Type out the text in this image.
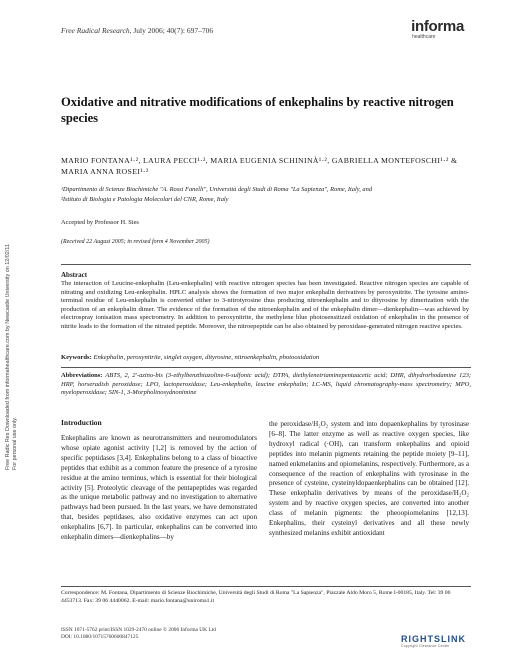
Free Radical Research, July 2006; 40(7): 697–706	informa
healthcare
Free Radic Res Downloaded from informahealthcare.com by Newcastle University on 12/02/11
For personal use only.
Oxidative and nitrative modifications of enkephalins by reactive nitrogen species
MARIO FONTANA¹·², LAURA PECCI¹·², MARIA EUGENIA SCHININÀ¹·², GABRIELLA MONTEFOSCHI¹·² & MARIA ANNA ROSEI¹·²
¹Dipartimento di Scienze Biochimiche "A. Rossi Fanelli", Università degli Studi di Roma "La Sapienza", Rome, Italy, and
²Istituto di Biologia e Patologia Molecolari del CNR, Rome, Italy
Accepted by Professor H. Sies
(Received 22 August 2005; in revised form 4 November 2005)
Abstract
The interaction of Leucine-enkephalin (Leu-enkephalin) with reactive nitrogen species has been investigated. Reactive nitrogen species are capable of nitrating and oxidizing Leu-enkephalin. HPLC analysis shows the formation of two major enkephalin derivatives by peroxynitrite. The tyrosine amino-terminal residue of Leu-enkephalin is converted either to 3-nitrotyrosine thus producing nitroenkephalin and to dityrosine by dimerization with the production of an enkephalin dimer. The evidence of the formation of the nitroenkephalin and of the enkephalin dimer—dienkephalin—was achieved by electrospray ionisation mass spectrometry. In addition to peroxynitrite, the methylene blue photosensitized oxidation of enkephalin in the presence of nitrite leads to the formation of the nitrated peptide. Moreover, the nitroepeptide can be also obtained by peroxidase-generated nitrogen reactive species.
Keywords: Enkephalin, peroxynitrite, singlet oxygen, dityrosine, nitroenkephalin, photooxidation
Abbreviations: ABTS, 2, 2′-azino-bis (3-ethylbenzthiazoline-6-sulfonic acid); DTPA, diethylenetriaminepentaacetic acid; DHR, dihydrorhodamine 123; HRP, horseradish peroxidase; LPO, lactoperoxidase; Leu-enkephalin, leucine enkephalin; LC-MS, liquid chromatography-mass spectrometry; MPO, myeloperoxidase; SIN-1, 3-Morpholinosydnonimine
Introduction
Enkephalins are known as neurotransmitters and neuromodulators whose opiate agonist activity [1,2] is removed by the action of specific peptidases [3,4]. Enkephalins belong to a class of bioactive peptides that exhibit as a common feature the presence of a tyrosine residue at the amino terminus, which is essential for their biological activity [5]. Proteolytic cleavage of the pentapeptides was regarded as the unique metabolic pathway and no investigation to alternative pathways had been pursued. In the last years, we have demonstrated that, besides peptidases, also oxidative enzymes can act upon enkephalins [6,7]. In particular, enkephalins can be converted into enkephalin dimers—dienkephalins—by
the peroxidase/H₂O₂ system and into dopaenkephalins by tyrosinase [6–8]. The latter enzyme as well as reactive oxygen species, like hydroxyl radical (·OH), can transform enkephalins and opioid peptides into melanin pigments retaining the peptide moiety [9–11], named enkmelanins and opiomelanins, respectively. Furthermore, as a consequence of the reaction of enkephalins with tyrosinase in the presence of cysteine, cysteinyldopaenkephalins can be obtained [12]. These enkephalin derivatives by means of the peroxidase/H₂O₂ system and by reactive oxygen species, are converted into another class of melanin pigments: the pheoopiomelanins [12,13]. Enkephalins, their cysteinyl derivatives and all these newly synthesized melanins exhibit antioxidant
Correspondence: M. Fontana, Dipartimento di Scienze Biochimiche, Università degli Studi di Roma "La Sapienza", Piazzale Aldo Moro 5, Rome I-00185, Italy. Tel: 39 06 4453713. Fax: 39 06 4440062. E-mail: mario.fontana@uniroma1.it
ISSN 1071-5762 print/ISSN 1029-2470 online © 2006 Informa UK Ltd
DOI: 10.1080/10715760600847125	RIGHTSLINK
Copyright Clearance Center
